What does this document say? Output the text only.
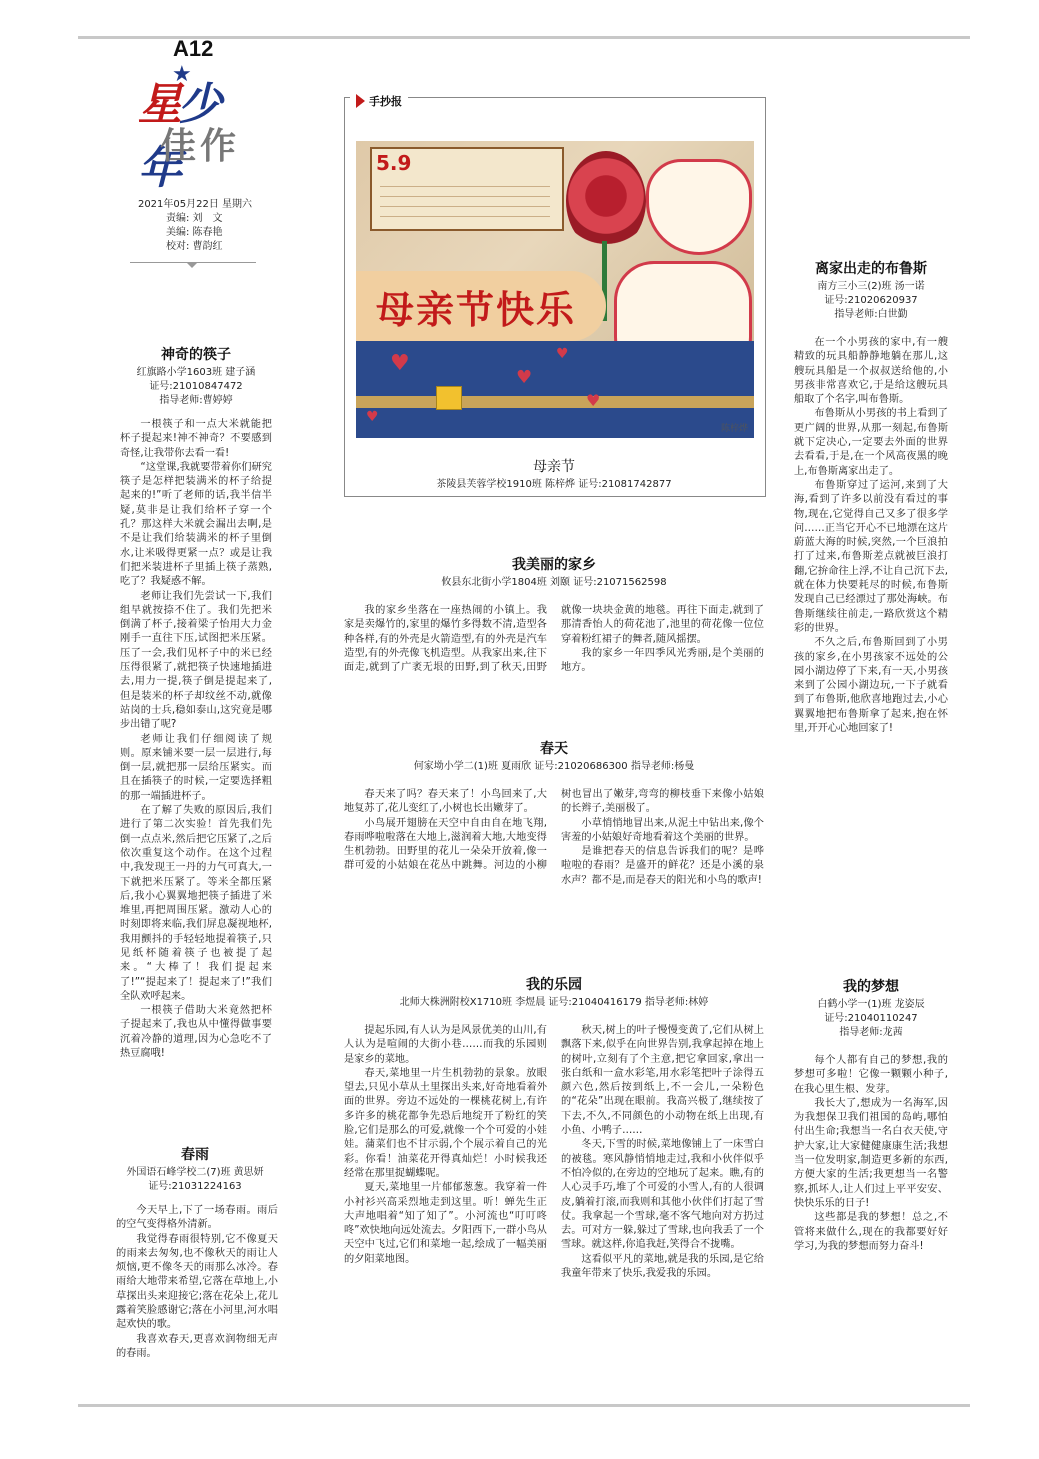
A12
★
星少年
佳作
2021年05月22日 星期六
责编: 刘　文
美编: 陈春艳
校对: 曹韵红
神奇的筷子
红旗路小学1603班 建子涵
证号:21010847472
指导老师:曹婷婷

一根筷子和一点大米就能把杯子提起来!神不神奇？不要感到奇怪,让我带你去看一看!

“这堂课,我就要带着你们研究筷子是怎样把装满米的杯子给提起来的!”听了老师的话,我半信半疑,莫非是让我们给杯子穿一个孔？那这样大米就会漏出去啊,是不是让我们给装满米的杯子里倒水,让米吸得更紧一点？或是让我们把米装进杯子里插上筷子蒸熟,吃了？我疑惑不解。

老师让我们先尝试一下,我们组早就按捺不住了。我们先把米倒满了杯子,接着梁子怡用大力金刚手一直往下压,试图把米压紧。压了一会,我们见杯子中的米已经压得很紧了,就把筷子快速地插进去,用力一提,筷子倒是提起来了,但是装米的杯子却纹丝不动,就像站岗的士兵,稳如泰山,这究竟是哪步出错了呢?

老师让我们仔细阅读了规则。原来铺米要一层一层进行,每倒一层,就把那一层给压紧实。而且在插筷子的时候,一定要选择粗的那一端插进杯子。

在了解了失败的原因后,我们进行了第二次实验！首先我们先倒一点点米,然后把它压紧了,之后依次重复这个动作。在这个过程中,我发现王一丹的力气可真大,一下就把米压紧了。等米全都压紧后,我小心翼翼地把筷子插进了米堆里,再把周围压紧。激动人心的时刻即将来临,我们屏息凝视地杯,我用颤抖的手轻轻地提着筷子,只见纸杯随着筷子也被提了起来。“大棒了！我们提起来了!”“提起来了！提起来了!”我们全队欢呼起来。

一根筷子借助大米竟然把杯子提起来了,我也从中懂得做事要沉着冷静的道理,因为心急吃不了热豆腐哦!

春雨
外国语石峰学校二(7)班 黄思妍
证号:21031224163

今天早上,下了一场春雨。雨后的空气变得格外清新。

我觉得春雨很特别,它不像夏天的雨来去匆匆,也不像秋天的雨让人烦恼,更不像冬天的雨那么冰冷。春雨给大地带来希望,它落在草地上,小草探出头来迎接它;落在花朵上,花儿露着笑脸感谢它;落在小河里,河水唱起欢快的歌。

我喜欢春天,更喜欢润物细无声的春雨。

手抄报
5.9
母亲节快乐
♥
♥
♥
♥
♥
陈梓烨
母亲节
茶陵县芙蓉学校1910班 陈梓烨 证号:21081742877
我美丽的家乡
攸县东北街小学1804班 刘颐 证号:21071562598

我的家乡坐落在一座热闹的小镇上。我家是卖爆竹的,家里的爆竹多得数不清,造型各种各样,有的外壳是火箭造型,有的外壳是汽车造型,有的外壳像飞机造型。从我家出来,往下面走,就到了广袤无垠的田野,到了秋天,田野就像一块块金黄的地毯。再往下面走,就到了那清香怡人的荷花池了,池里的荷花像一位位穿着粉红裙子的舞者,随风摇摆。

我的家乡一年四季风光秀丽,是个美丽的地方。

春天
何家坳小学二(1)班 夏雨欣 证号:21020686300 指导老师:杨曼

春天来了吗？春天来了！小鸟回来了,大地复苏了,花儿变红了,小树也长出嫩芽了。

小鸟展开翅膀在天空中自由自在地飞翔,春雨哗啦啦落在大地上,滋润着大地,大地变得生机勃勃。田野里的花儿一朵朵开放着,像一群可爱的小姑娘在花丛中跳舞。河边的小柳树也冒出了嫩芽,弯弯的柳枝垂下来像小姑娘的长辫子,美丽极了。

小草悄悄地冒出来,从泥土中钻出来,像个害羞的小姑娘好奇地看着这个美丽的世界。

是谁把春天的信息告诉我们的呢？是哗啦啦的春雨？是盛开的鲜花？还是小溪的泉水声？都不是,而是春天的阳光和小鸟的歌声!

我的乐园
北师大株洲附校X1710班 李煜晨 证号:21040416179 指导老师:林婷

提起乐园,有人认为是风景优美的山川,有人认为是喧闹的大街小巷……而我的乐园则是家乡的菜地。

春天,菜地里一片生机勃勃的景象。放眼望去,只见小草从土里探出头来,好奇地看着外面的世界。旁边不远处的一棵桃花树上,有许多许多的桃花都争先恐后地绽开了粉红的笑脸,它们是那么的可爱,就像一个个可爱的小娃娃。蒲菜们也不甘示弱,个个展示着自己的光彩。你看！油菜花开得真灿烂！小时候我还经常在那里捉蝴蝶呢。

夏天,菜地里一片郁郁葱葱。我穿着一件小衬衫兴高采烈地走到这里。听！蝉先生正大声地唱着“知了知了”。小河流也“叮叮咚咚”欢快地向远处流去。夕阳西下,一群小鸟从天空中飞过,它们和菜地一起,绘成了一幅美丽的夕阳菜地图。

秋天,树上的叶子慢慢变黄了,它们从树上飘落下来,似乎在向世界告别,我拿起掉在地上的树叶,立刻有了个主意,把它拿回家,拿出一张白纸和一盒水彩笔,用水彩笔把叶子涂得五颜六色,然后按到纸上,不一会儿,一朵粉色的“花朵”出现在眼前。我高兴极了,继续按了下去,不久,不同颜色的小动物在纸上出现,有小鱼、小鸭子……

冬天,下雪的时候,菜地像铺上了一床雪白的被毯。寒风静悄悄地走过,我和小伙伴似乎不怕冷似的,在旁边的空地玩了起来。瞧,有的人心灵手巧,堆了个可爱的小雪人,有的人很调皮,躺着打滚,而我则和其他小伙伴们打起了雪仗。我拿起一个雪球,毫不客气地向对方扔过去。可对方一躲,躲过了雪球,也向我丢了一个雪球。就这样,你追我赶,笑得合不拢嘴。

这看似平凡的菜地,就是我的乐园,是它给我童年带来了快乐,我爱我的乐园。

离家出走的布鲁斯
南方三小三(2)班 汤一诺
证号:21020620937
指导老师:白世勤

在一个小男孩的家中,有一艘精致的玩具船静静地躺在那儿,这艘玩具船是一个叔叔送给他的,小男孩非常喜欢它,于是给这艘玩具船取了个名字,叫布鲁斯。

布鲁斯从小男孩的书上看到了更广阔的世界,从那一刻起,布鲁斯就下定决心,一定要去外面的世界去看看,于是,在一个风高夜黑的晚上,布鲁斯离家出走了。

布鲁斯穿过了运河,来到了大海,看到了许多以前没有看过的事物,现在,它觉得自己又多了很多学问……正当它开心不已地漂在这片蔚蓝大海的时候,突然,一个巨浪拍打了过来,布鲁斯差点就被巨浪打翻,它拚命往上浮,不让自己沉下去,就在体力快要耗尽的时候,布鲁斯发现自己已经漂过了那处海峡。布鲁斯继续往前走,一路欣赏这个精彩的世界。

不久之后,布鲁斯回到了小男孩的家乡,在小男孩家不远处的公园小湖边停了下来,有一天,小男孩来到了公园小湖边玩,一下子就看到了布鲁斯,他欣喜地跑过去,小心翼翼地把布鲁斯拿了起来,抱在怀里,开开心心地回家了!

我的梦想
白鹤小学一(1)班 龙姿辰
证号:21040110247
指导老师:龙茜

每个人都有自己的梦想,我的梦想可多啦！它像一颗颗小种子,在我心里生根、发芽。

我长大了,想成为一名海军,因为我想保卫我们祖国的岛屿,哪怕付出生命;我想当一名白衣天使,守护大家,让大家健健康康生活;我想当一位发明家,制造更多新的东西,方便大家的生活;我更想当一名警察,抓坏人,让人们过上平平安安、快快乐乐的日子!

这些都是我的梦想！总之,不管将来做什么,现在的我都要好好学习,为我的梦想而努力奋斗!
